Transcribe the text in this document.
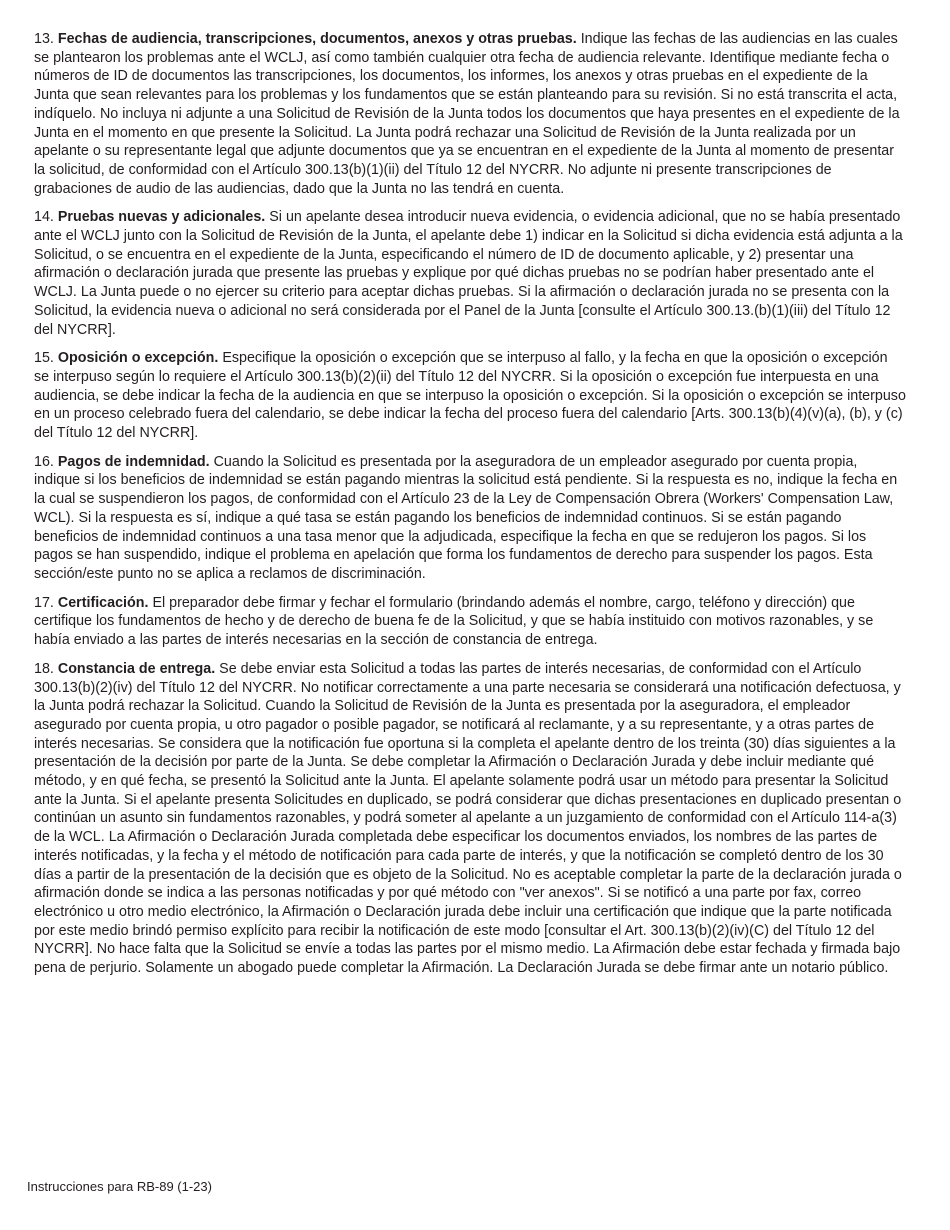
13. Fechas de audiencia, transcripciones, documentos, anexos y otras pruebas. Indique las fechas de las audiencias en las cuales se plantearon los problemas ante el WCLJ, así como también cualquier otra fecha de audiencia relevante. Identifique mediante fecha o números de ID de documentos las transcripciones, los documentos, los informes, los anexos y otras pruebas en el expediente de la Junta que sean relevantes para los problemas y los fundamentos que se están planteando para su revisión. Si no está transcrita el acta, indíquelo. No incluya ni adjunte a una Solicitud de Revisión de la Junta todos los documentos que haya presentes en el expediente de la Junta en el momento en que presente la Solicitud. La Junta podrá rechazar una Solicitud de Revisión de la Junta realizada por un apelante o su representante legal que adjunte documentos que ya se encuentran en el expediente de la Junta al momento de presentar la solicitud, de conformidad con el Artículo 300.13(b)(1)(ii) del Título 12 del NYCRR. No adjunte ni presente transcripciones de grabaciones de audio de las audiencias, dado que la Junta no las tendrá en cuenta.

14. Pruebas nuevas y adicionales. Si un apelante desea introducir nueva evidencia, o evidencia adicional, que no se había presentado ante el WCLJ junto con la Solicitud de Revisión de la Junta, el apelante debe 1) indicar en la Solicitud si dicha evidencia está adjunta a la Solicitud, o se encuentra en el expediente de la Junta, especificando el número de ID de documento aplicable, y 2) presentar una afirmación o declaración jurada que presente las pruebas y explique por qué dichas pruebas no se podrían haber presentado ante el WCLJ. La Junta puede o no ejercer su criterio para aceptar dichas pruebas. Si la afirmación o declaración jurada no se presenta con la Solicitud, la evidencia nueva o adicional no será considerada por el Panel de la Junta [consulte el Artículo 300.13.(b)(1)(iii) del Título 12 del NYCRR].

15. Oposición o excepción. Especifique la oposición o excepción que se interpuso al fallo, y la fecha en que la oposición o excepción se interpuso según lo requiere el Artículo 300.13(b)(2)(ii) del Título 12 del NYCRR. Si la oposición o excepción fue interpuesta en una audiencia, se debe indicar la fecha de la audiencia en que se interpuso la oposición o excepción. Si la oposición o excepción se interpuso en un proceso celebrado fuera del calendario, se debe indicar la fecha del proceso fuera del calendario [Arts. 300.13(b)(4)(v)(a), (b), y (c) del Título 12 del NYCRR].

16. Pagos de indemnidad. Cuando la Solicitud es presentada por la aseguradora de un empleador asegurado por cuenta propia, indique si los beneficios de indemnidad se están pagando mientras la solicitud está pendiente. Si la respuesta es no, indique la fecha en la cual se suspendieron los pagos, de conformidad con el Artículo 23 de la Ley de Compensación Obrera (Workers' Compensation Law, WCL). Si la respuesta es sí, indique a qué tasa se están pagando los beneficios de indemnidad continuos. Si se están pagando beneficios de indemnidad continuos a una tasa menor que la adjudicada, especifique la fecha en que se redujeron los pagos. Si los pagos se han suspendido, indique el problema en apelación que forma los fundamentos de derecho para suspender los pagos. Esta sección/este punto no se aplica a reclamos de discriminación.

17. Certificación. El preparador debe firmar y fechar el formulario (brindando además el nombre, cargo, teléfono y dirección) que certifique los fundamentos de hecho y de derecho de buena fe de la Solicitud, y que se había instituido con motivos razonables, y se había enviado a las partes de interés necesarias en la sección de constancia de entrega.

18. Constancia de entrega. Se debe enviar esta Solicitud a todas las partes de interés necesarias, de conformidad con el Artículo 300.13(b)(2)(iv) del Título 12 del NYCRR. No notificar correctamente a una parte necesaria se considerará una notificación defectuosa, y la Junta podrá rechazar la Solicitud. Cuando la Solicitud de Revisión de la Junta es presentada por la aseguradora, el empleador asegurado por cuenta propia, u otro pagador o posible pagador, se notificará al reclamante, y a su representante, y a otras partes de interés necesarias. Se considera que la notificación fue oportuna si la completa el apelante dentro de los treinta (30) días siguientes a la presentación de la decisión por parte de la Junta. Se debe completar la Afirmación o Declaración Jurada y debe incluir mediante qué método, y en qué fecha, se presentó la Solicitud ante la Junta. El apelante solamente podrá usar un método para presentar la Solicitud ante la Junta. Si el apelante presenta Solicitudes en duplicado, se podrá considerar que dichas presentaciones en duplicado presentan o continúan un asunto sin fundamentos razonables, y podrá someter al apelante a un juzgamiento de conformidad con el Artículo 114-a(3) de la WCL. La Afirmación o Declaración Jurada completada debe especificar los documentos enviados, los nombres de las partes de interés notificadas, y la fecha y el método de notificación para cada parte de interés, y que la notificación se completó dentro de los 30 días a partir de la presentación de la decisión que es objeto de la Solicitud. No es aceptable completar la parte de la declaración jurada o afirmación donde se indica a las personas notificadas y por qué método con "ver anexos". Si se notificó a una parte por fax, correo electrónico u otro medio electrónico, la Afirmación o Declaración jurada debe incluir una certificación que indique que la parte notificada por este medio brindó permiso explícito para recibir la notificación de este modo [consultar el Art. 300.13(b)(2)(iv)(C) del Título 12 del NYCRR]. No hace falta que la Solicitud se envíe a todas las partes por el mismo medio. La Afirmación debe estar fechada y firmada bajo pena de perjurio. Solamente un abogado puede completar la Afirmación. La Declaración Jurada se debe firmar ante un notario público.

Instrucciones para RB-89 (1-23)
